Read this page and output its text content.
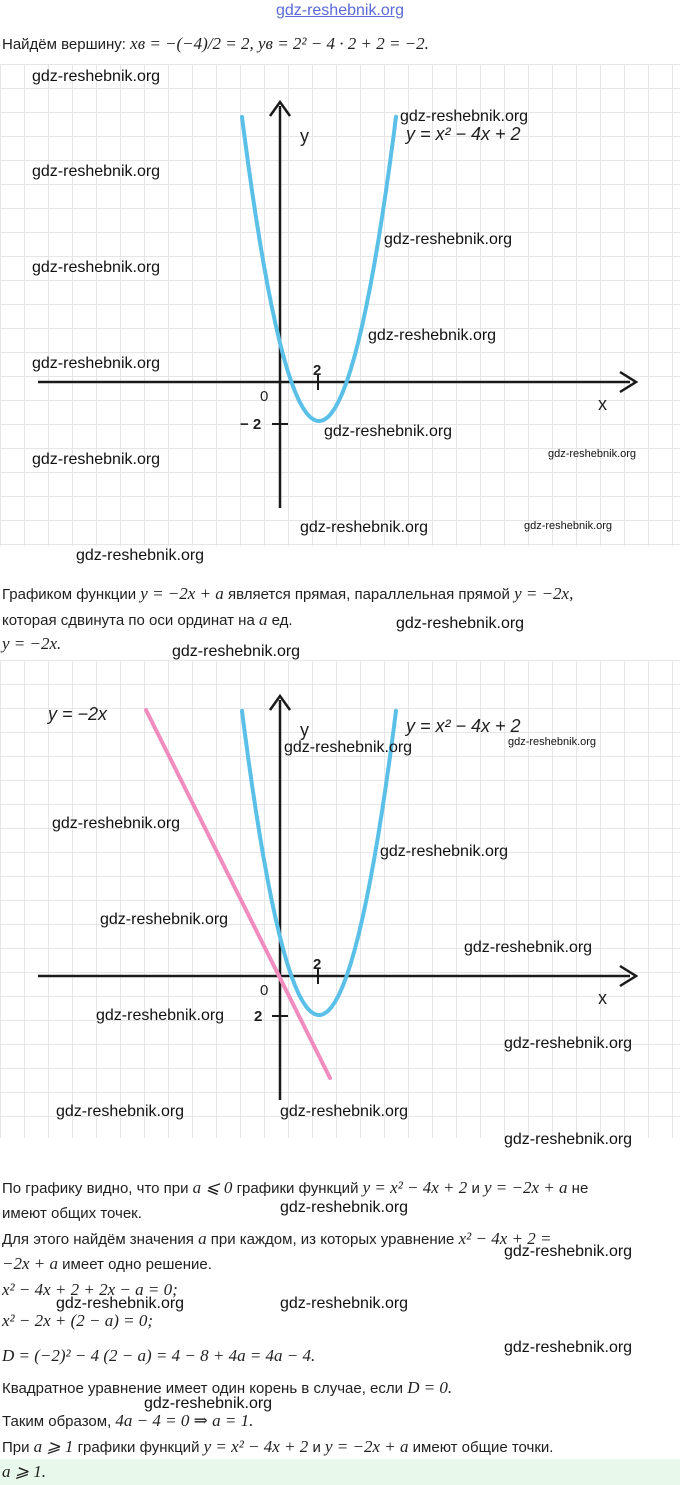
gdz-reshebnik.org
Найдём вершину: xв = −(−4)/2 = 2, yв = 2² − 4 · 2 + 2 = −2.
y
x
0
2
− 2
y = x² − 4x + 2
Графиком функции y = −2x + a является прямая, параллельная прямой y = −2x,
которая сдвинута по оси ординат на a ед.
y = −2x.
y
x
0
2
2
y = −2x
y = x² − 4x + 2
По графику видно, что при a ⩽ 0 графики функций y = x² − 4x + 2 и y = −2x + a не
имеют общих точек.
Для этого найдём значения a при каждом, из которых уравнение x² − 4x + 2 =
−2x + a имеет одно решение.
x² − 4x + 2 + 2x − a = 0;
x² − 2x + (2 − a) = 0;
D = (−2)² − 4 (2 − a) = 4 − 8 + 4a = 4a − 4.
Квадратное уравнение имеет один корень в случае, если D = 0.
Таким образом, 4a − 4 = 0 ⇒ a = 1.
При a ⩾ 1 графики функций y = x² − 4x + 2 и y = −2x + a имеют общие точки.
a ⩾ 1.
gdz-reshebnik.org
gdz-reshebnik.org
gdz-reshebnik.org
gdz-reshebnik.org
gdz-reshebnik.org
gdz-reshebnik.org
gdz-reshebnik.org
gdz-reshebnik.org
gdz-reshebnik.org	gdz-reshebnik.org
gdz-reshebnik.org	gdz-reshebnik.org
gdz-reshebnik.org
gdz-reshebnik.org
gdz-reshebnik.org
gdz-reshebnik.org	gdz-reshebnik.org
gdz-reshebnik.org
gdz-reshebnik.org
gdz-reshebnik.org
gdz-reshebnik.org
gdz-reshebnik.org
gdz-reshebnik.org
gdz-reshebnik.org	gdz-reshebnik.org
gdz-reshebnik.org
gdz-reshebnik.org
gdz-reshebnik.org
gdz-reshebnik.org	gdz-reshebnik.org
gdz-reshebnik.org
gdz-reshebnik.org
